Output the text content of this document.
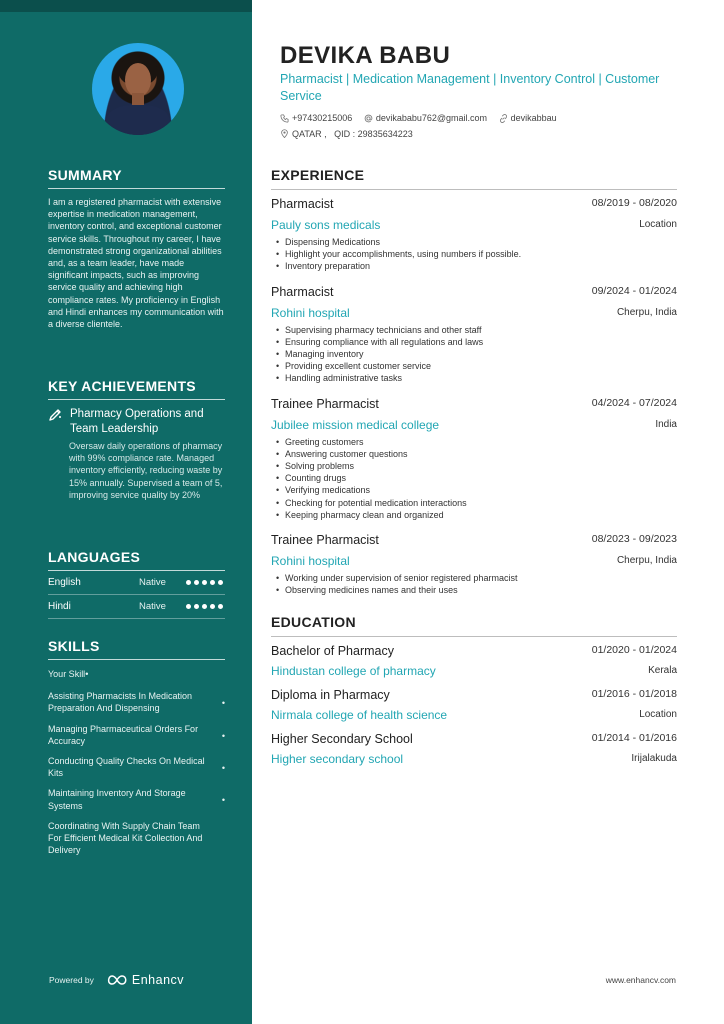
SUMMARY

I am a registered pharmacist with extensive expertise in medication management, inventory control, and exceptional customer service skills. Throughout my career, I have demonstrated strong organizational abilities and, as a team leader, have made significant impacts, such as improving service quality and achieving high compliance rates. My proficiency in English and Hindi enhances my communication with a diverse clientele.

KEY ACHIEVEMENTS
Pharmacy Operations and Team Leadership

Oversaw daily operations of pharmacy with 99% compliance rate. Managed inventory efficiently, reducing waste by 15% annually. Supervised a team of 5, improving service quality by 20%

LANGUAGES
English	Native
Hindi	Native
SKILLS
Your Skill•
Assisting Pharmacists In Medication Preparation And Dispensing
•
Managing Pharmaceutical Orders For Accuracy
•
Conducting Quality Checks On Medical Kits
•
Maintaining Inventory And Storage Systems
•
Coordinating With Supply Chain Team For Efficient Medical Kit Collection And Delivery
Powered by	Enhancv
DEVIKA BABU
Pharmacist | Medication Management | Inventory Control | Customer Service
+97430215006
	devikababu762@gmail.com
	devikabbau

QATAR ,   QID : 29835634223
EXPERIENCE
Pharmacist	08/2019 - 08/2020
Pauly sons medicals	Location
• Dispensing Medications
• Highlight your accomplishments, using numbers if possible.
• Inventory preparation
Pharmacist	09/2024 - 01/2024
Rohini hospital	Cherpu, India
• Supervising pharmacy technicians and other staff
• Ensuring compliance with all regulations and laws
• Managing inventory
• Providing excellent customer service
• Handling administrative tasks
Trainee Pharmacist	04/2024 - 07/2024
Jubilee mission medical college	India
• Greeting customers
• Answering customer questions
• Solving problems
• Counting drugs
• Verifying medications
• Checking for potential medication interactions
• Keeping pharmacy clean and organized
Trainee Pharmacist	08/2023 - 09/2023
Rohini hospital	Cherpu, India
• Working under supervision of senior registered pharmacist
• Observing medicines names and their uses
EDUCATION
Bachelor of Pharmacy	01/2020 - 01/2024
Hindustan college of pharmacy	Kerala
Diploma in Pharmacy	01/2016 - 01/2018
Nirmala college of health science	Location
Higher Secondary School	01/2014 - 01/2016
Higher secondary school	Irijalakuda
www.enhancv.com
